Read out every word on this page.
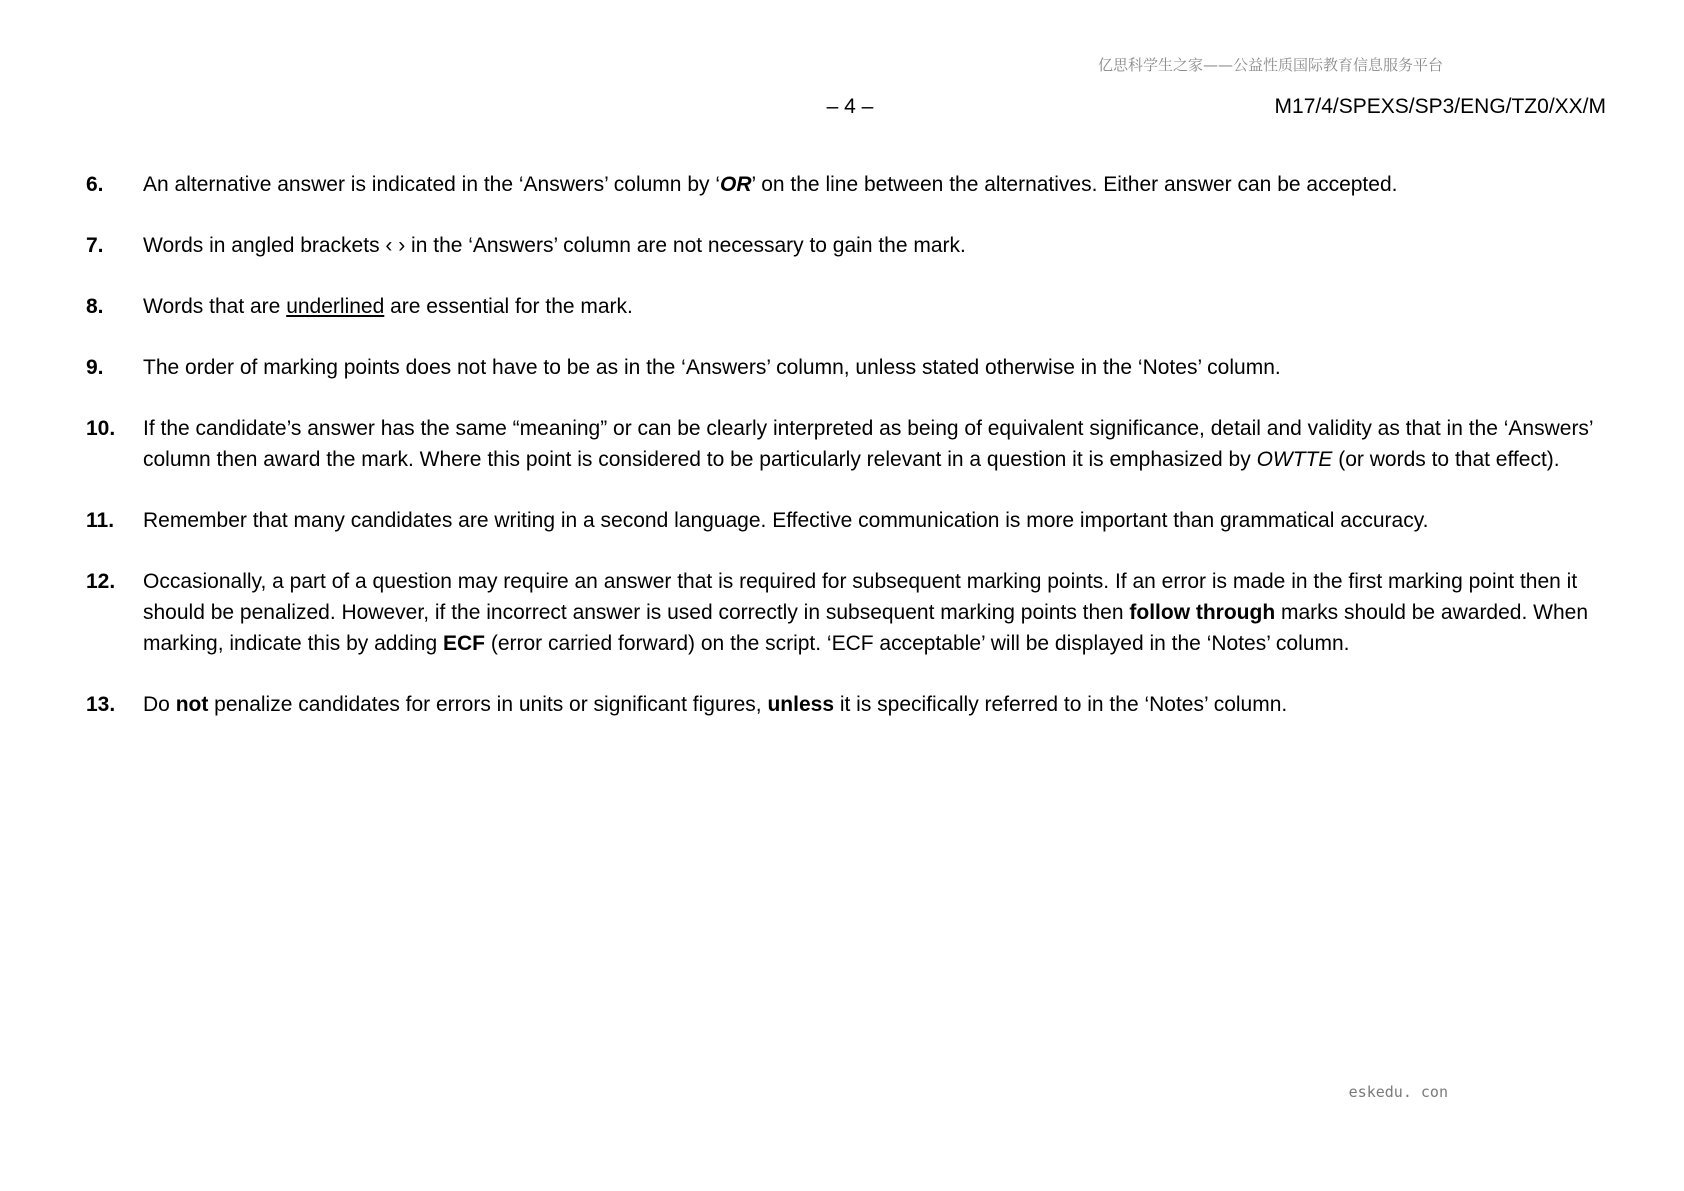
亿思科学生之家——公益性质国际教育信息服务平台
– 4 –	M17/4/SPEXS/SP3/ENG/TZ0/XX/M
6.	An alternative answer is indicated in the ‘Answers’ column by ‘OR’ on the line between the alternatives. Either answer can be accepted.
7.	Words in angled brackets ‹ › in the ‘Answers’ column are not necessary to gain the mark.
8.	Words that are underlined are essential for the mark.
9.	The order of marking points does not have to be as in the ‘Answers’ column, unless stated otherwise in the ‘Notes’ column.
10.	If the candidate’s answer has the same “meaning” or can be clearly interpreted as being of equivalent significance, detail and validity as that in the ‘Answers’ column then award the mark. Where this point is considered to be particularly relevant in a question it is emphasized by OWTTE (or words to that effect).
11.	Remember that many candidates are writing in a second language. Effective communication is more important than grammatical accuracy.
12.	Occasionally, a part of a question may require an answer that is required for subsequent marking points. If an error is made in the first marking point then it should be penalized. However, if the incorrect answer is used correctly in subsequent marking points then follow through marks should be awarded. When marking, indicate this by adding ECF (error carried forward) on the script. ‘ECF acceptable’ will be displayed in the ‘Notes’ column.
13.	Do not penalize candidates for errors in units or significant figures, unless it is specifically referred to in the ‘Notes’ column.
eskedu. con
